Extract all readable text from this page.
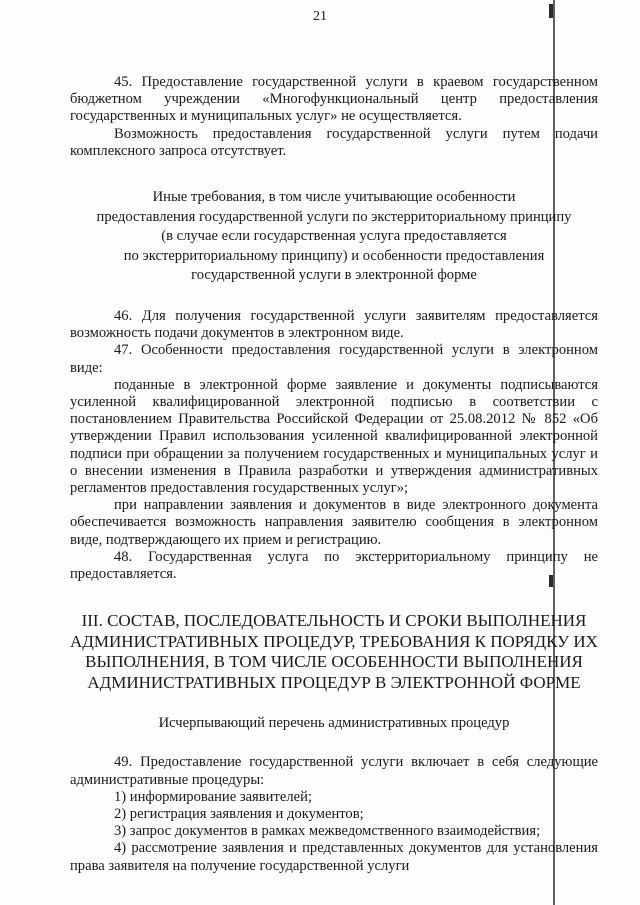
21

45. Предоставление государственной услуги в краевом государственном бюджетном учреждении «Многофункциональный центр предоставления государственных и муниципальных услуг» не осуществляется.

Возможность предоставления государственной услуги путем подачи комплексного запроса отсутствует.

Иные требования, в том числе учитывающие особенности
предоставления государственной услуги по экстерриториальному принципу
(в случае если государственная услуга предоставляется
по экстерриториальному принципу) и особенности предоставления
государственной услуги в электронной форме

46. Для получения государственной услуги заявителям предоставляется возможность подачи документов в электронном виде.

47. Особенности предоставления государственной услуги в электронном виде:

поданные в электронной форме заявление и документы подписываются усиленной квалифицированной электронной подписью в соответствии с постановлением Правительства Российской Федерации от 25.08.2012 № 852 «Об утверждении Правил использования усиленной квалифицированной электронной подписи при обращении за получением государственных и муниципальных услуг и о внесении изменения в Правила разработки и утверждения административных регламентов предоставления государственных услуг»;

при направлении заявления и документов в виде электронного документа обеспечивается возможность направления заявителю сообщения в электронном виде, подтверждающего их прием и регистрацию.

48. Государственная услуга по экстерриториальному принципу не предоставляется.

III. СОСТАВ, ПОСЛЕДОВАТЕЛЬНОСТЬ И СРОКИ ВЫПОЛНЕНИЯ
АДМИНИСТРАТИВНЫХ ПРОЦЕДУР, ТРЕБОВАНИЯ К ПОРЯДКУ ИХ
ВЫПОЛНЕНИЯ, В ТОМ ЧИСЛЕ ОСОБЕННОСТИ ВЫПОЛНЕНИЯ
АДМИНИСТРАТИВНЫХ ПРОЦЕДУР В ЭЛЕКТРОННОЙ ФОРМЕ

Исчерпывающий перечень административных процедур

49. Предоставление государственной услуги включает в себя следующие административные процедуры:

1) информирование заявителей;

2) регистрация заявления и документов;

3) запрос документов в рамках межведомственного взаимодействия;

4) рассмотрение заявления и представленных документов для установления права заявителя на получение государственной услуги
